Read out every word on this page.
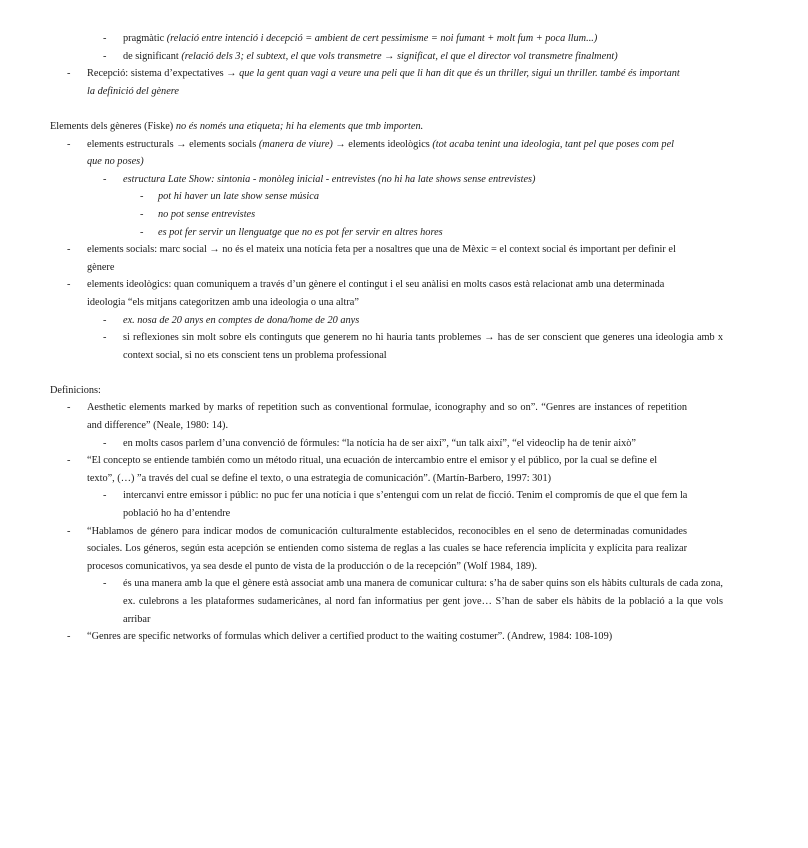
- pragmàtic (relació entre intenció i decepció = ambient de cert pessimisme = noi fumant + molt fum + poca llum...)
- de significant (relació dels 3; el subtext, el que vols transmetre → significat, el que el director vol transmetre finalment)
- Recepció: sistema d’expectatives → que la gent quan vagi a veure una peli que li han dit que és un thriller, sigui un thriller. també és important la definició del gènere
Elements dels gèneres (Fiske) no és només una etiqueta; hi ha elements que tmb importen.
- elements estructurals → elements socials (manera de viure) → elements ideològics (tot acaba tenint una ideologia, tant pel que poses com pel que no poses)
- estructura Late Show: sintonia - monòleg inicial - entrevistes (no hi ha late shows sense entrevistes)
- pot hi haver un late show sense música
- no pot sense entrevistes
- es pot fer servir un llenguatge que no es pot fer servir en altres hores
- elements socials: marc social → no és el mateix una notícia feta per a nosaltres que una de Mèxic = el context social és important per definir el gènere
- elements ideològics: quan comuniquem a través d’un gènere el contingut i el seu anàlisi en molts casos està relacionat amb una determinada ideologia “els mitjans categoritzen amb una ideologia o una altra”
- ex. nosa de 20 anys en comptes de dona/home de 20 anys
- si reflexiones sin molt sobre els continguts que generem no hi hauria tants problemes → has de ser conscient que generes una ideologia amb x context social, si no ets conscient tens un problema professional
Definicions:
- Aesthetic elements marked by marks of repetition such as conventional formulae, iconography and so on”. “Genres are instances of repetition and difference” (Neale, 1980: 14).
- en molts casos parlem d’una convenció de fórmules: “la notícia ha de ser així”, “un talk així”, “el videoclip ha de tenir això”
- “El concepto se entiende también como un método ritual, una ecuación de intercambio entre el emisor y el público, por la cual se define el texto”, (…) ”a través del cual se define el texto, o una estrategia de comunicación”. (Martín-Barbero, 1997: 301)
- intercanvi entre emissor i públic: no puc fer una notícia i que s’entengui com un relat de ficció. Tenim el compromís de que el que fem la població ho ha d’entendre
- “Hablamos de género para indicar modos de comunicación culturalmente establecidos, reconocibles en el seno de determinadas comunidades sociales. Los géneros, según esta acepción se entienden como sistema de reglas a las cuales se hace referencia implícita y explícita para realizar procesos comunicativos, ya sea desde el punto de vista de la producción o de la recepción” (Wolf 1984, 189).
- és una manera amb la que el gènere està associat amb una manera de comunicar cultura: s’ha de saber quins son els hàbits culturals de cada zona, ex. culebrons a les plataformes sudamericànes, al nord fan informatius per gent jove… S’han de saber els hàbits de la població a la que vols arribar
- “Genres are specific networks of formulas which deliver a certified product to the waiting costumer”. (Andrew, 1984: 108-109)
